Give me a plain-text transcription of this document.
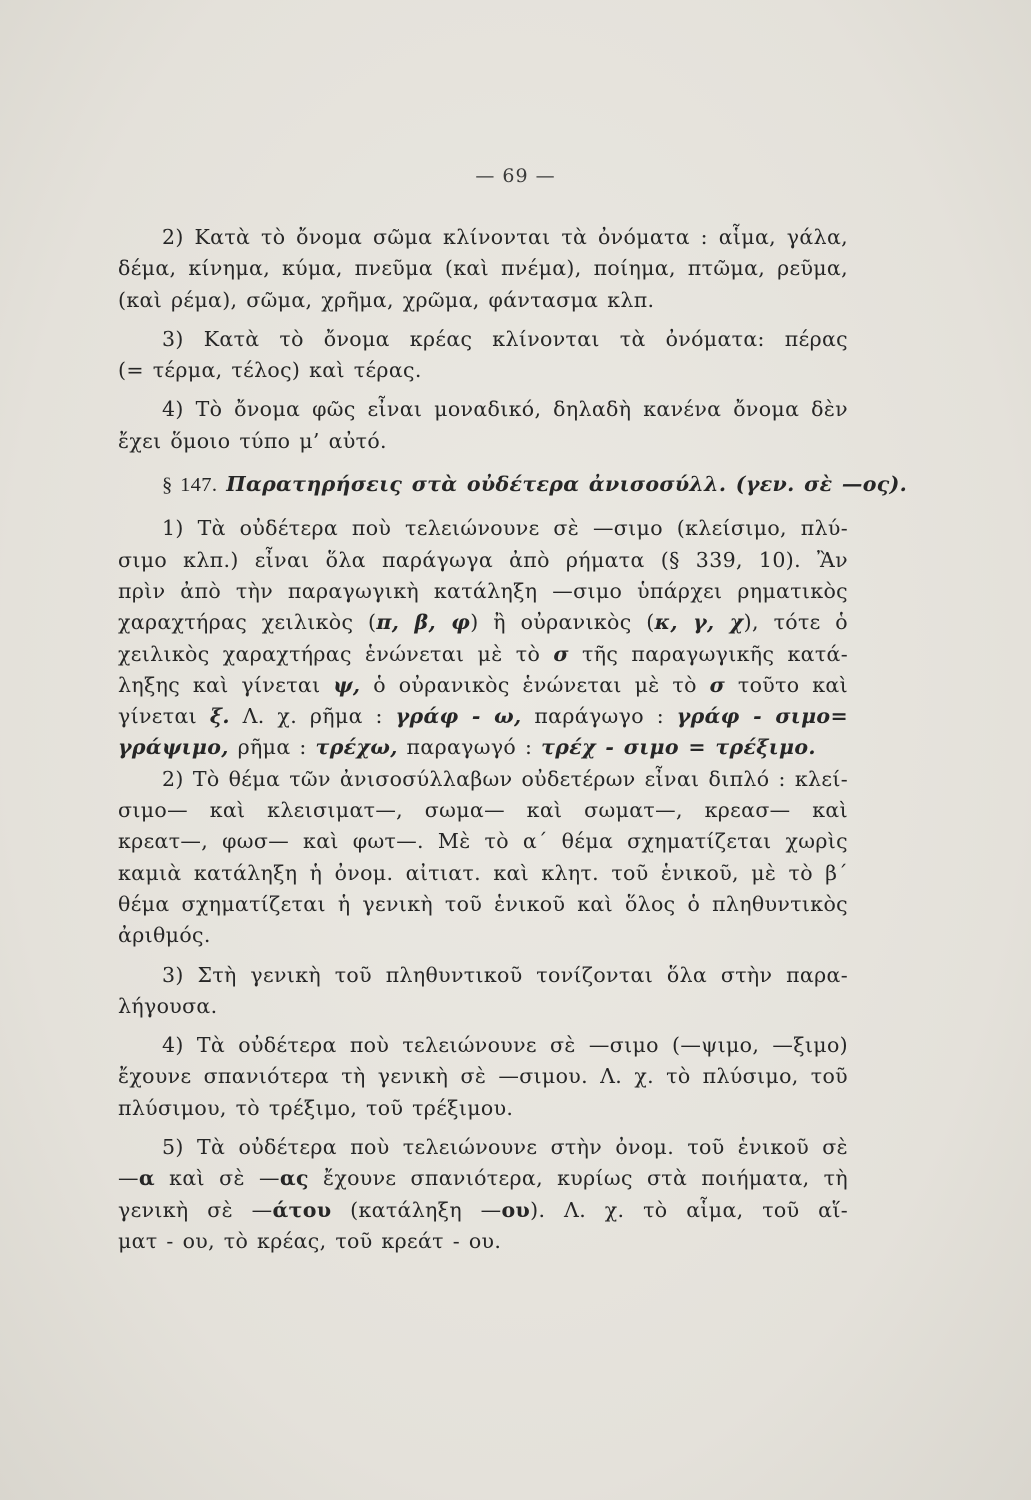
— 69 —
2) Κατὰ τὸ ὄνομα σῶμα κλίνονται τὰ ὀνόματα : αἷμα, γάλα,
δέμα, κίνημα, κύμα, πνεῦμα (καὶ πνέμα), ποίημα, πτῶμα, ρεῦμα,
(καὶ ρέμα), σῶμα, χρῆμα, χρῶμα, φάντασμα κλπ.
3) Κατὰ τὸ ὄνομα κρέας κλίνονται τὰ ὀνόματα: πέρας
(= τέρμα, τέλος) καὶ τέρας.
4) Τὸ ὄνομα φῶς εἶναι μοναδικό, δηλαδὴ κανένα ὄνομα δὲν
ἔχει ὅμοιο τύπο μ’ αὐτό.
§ 147. Παρατηρήσεις στὰ οὐδέτερα ἀνισοσύλλ. (γεν. σὲ —ος).
1) Τὰ οὐδέτερα ποὺ τελειώνουνε σὲ —σιμο (κλείσιμο, πλύ-
σιμο κλπ.) εἶναι ὅλα παράγωγα ἀπὸ ρήματα (§ 339, 10). Ἂν
πρὶν ἀπὸ τὴν παραγωγικὴ κατάληξη —σιμο ὑπάρχει ρηματικὸς
χαραχτήρας χειλικὸς (π, β, φ) ἢ οὐρανικὸς (κ, γ, χ), τότε ὁ
χειλικὸς χαραχτήρας ἑνώνεται μὲ τὸ σ τῆς παραγωγικῆς κατά-
ληξης καὶ γίνεται ψ, ὁ οὐρανικὸς ἑνώνεται μὲ τὸ σ τοῦτο καὶ
γίνεται ξ. Λ. χ. ρῆμα : γράφ - ω, παράγωγο : γράφ - σιμο=
γράψιμο, ρῆμα : τρέχω, παραγωγό : τρέχ - σιμο = τρέξιμο.
2) Τὸ θέμα τῶν ἀνισοσύλλαβων οὐδετέρων εἶναι διπλό : κλεί-
σιμο— καὶ κλεισιματ—, σωμα— καὶ σωματ—, κρεασ— καὶ
κρεατ—, φωσ— καὶ φωτ—. Μὲ τὸ α΄ θέμα σχηματίζεται χωρὶς
καμιὰ κατάληξη ἡ ὀνομ. αἰτιατ. καὶ κλητ. τοῦ ἑνικοῦ, μὲ τὸ β΄
θέμα σχηματίζεται ἡ γενικὴ τοῦ ἑνικοῦ καὶ ὅλος ὁ πληθυντικὸς
ἀριθμός.
3) Στὴ γενικὴ τοῦ πληθυντικοῦ τονίζονται ὅλα στὴν παρα-
λήγουσα.
4) Τὰ οὐδέτερα ποὺ τελειώνουνε σὲ —σιμο (—ψιμο, —ξιμο)
ἔχουνε σπανιότερα τὴ γενικὴ σὲ —σιμου. Λ. χ. τὸ πλύσιμο, τοῦ
πλύσιμου, τὸ τρέξιμο, τοῦ τρέξιμου.
5) Τὰ οὐδέτερα ποὺ τελειώνουνε στὴν ὀνομ. τοῦ ἑνικοῦ σὲ
—α καὶ σὲ —ας ἔχουνε σπανιότερα, κυρίως στὰ ποιήματα, τὴ
γενικὴ σὲ —άτου (κατάληξη —ου). Λ. χ. τὸ αἷμα, τοῦ αἵ-
ματ - ου, τὸ κρέας, τοῦ κρεάτ - ου.
